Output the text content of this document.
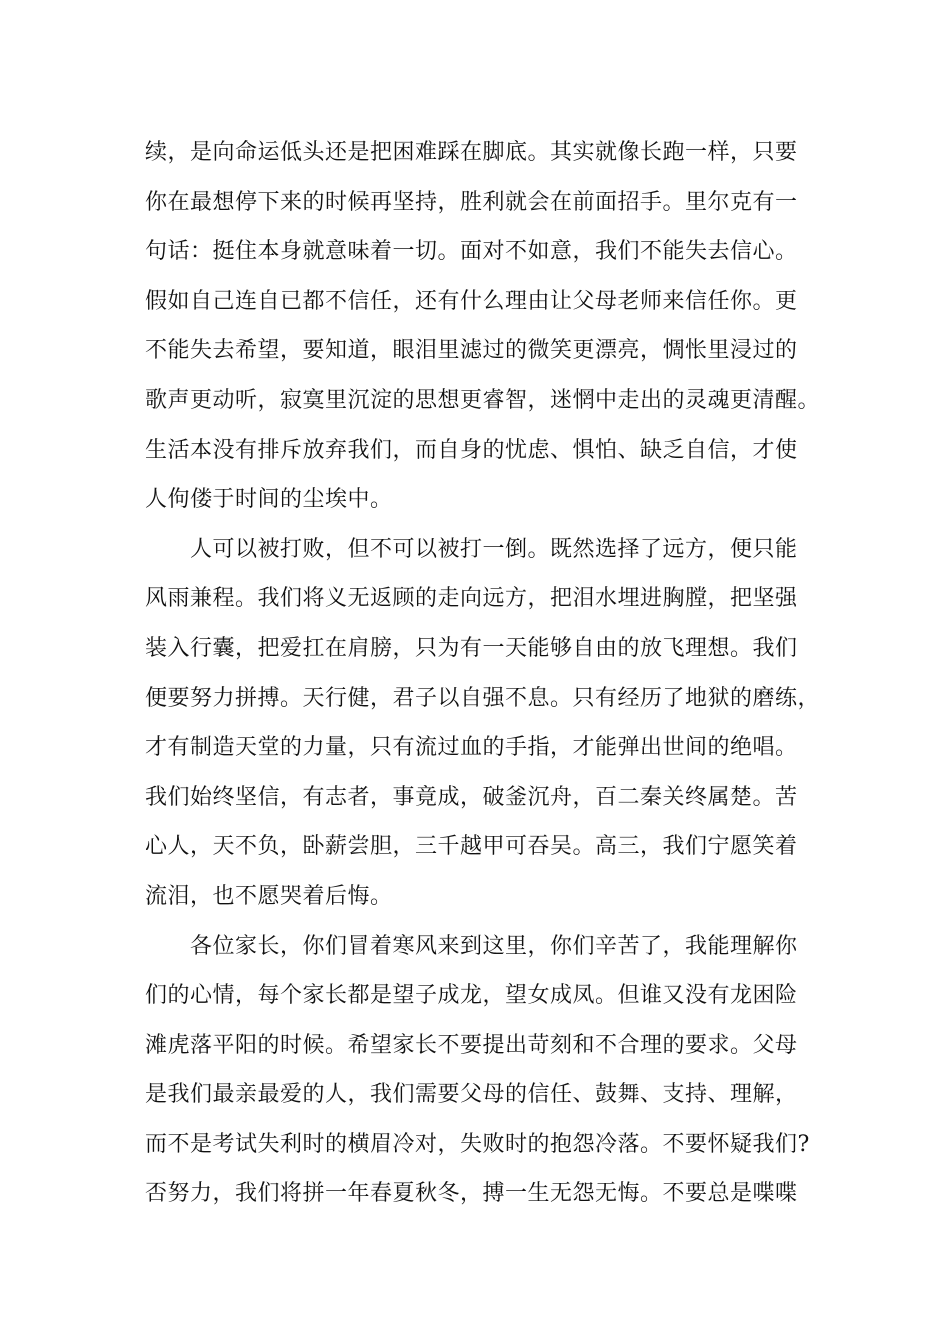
续，是向命运低头还是把困难踩在脚底。其实就像长跑一样，只要
你在最想停下来的时候再坚持，胜利就会在前面招手。里尔克有一
句话：挺住本身就意味着一切。面对不如意，我们不能失去信心。
假如自己连自已都不信任，还有什么理由让父母老师来信任你。更
不能失去希望，要知道，眼泪里滤过的微笑更漂亮，惆怅里浸过的
歌声更动听，寂寞里沉淀的思想更睿智，迷惘中走出的灵魂更清醒。
生活本没有排斥放弃我们，而自身的忧虑、惧怕、缺乏自信，才使
人佝偻于时间的尘埃中。
人可以被打败，但不可以被打一倒。既然选择了远方，便只能
风雨兼程。我们将义无返顾的走向远方，把泪水埋进胸膛，把坚强
装入行囊，把爱扛在肩膀，只为有一天能够自由的放飞理想。我们
便要努力拼搏。天行健，君子以自强不息。只有经历了地狱的磨练，
才有制造天堂的力量，只有流过血的手指，才能弹出世间的绝唱。
我们始终坚信，有志者，事竟成，破釜沉舟，百二秦关终属楚。苦
心人，天不负，卧薪尝胆，三千越甲可吞吴。高三，我们宁愿笑着
流泪，也不愿哭着后悔。
各位家长，你们冒着寒风来到这里，你们辛苦了，我能理解你
们的心情，每个家长都是望子成龙，望女成凤。但谁又没有龙困险
滩虎落平阳的时候。希望家长不要提出苛刻和不合理的要求。父母
是我们最亲最爱的人，我们需要父母的信任、鼓舞、支持、理解，
而不是考试失利时的横眉冷对，失败时的抱怨冷落。不要怀疑我们?
否努力，我们将拼一年春夏秋冬，搏一生无怨无悔。不要总是喋喋
